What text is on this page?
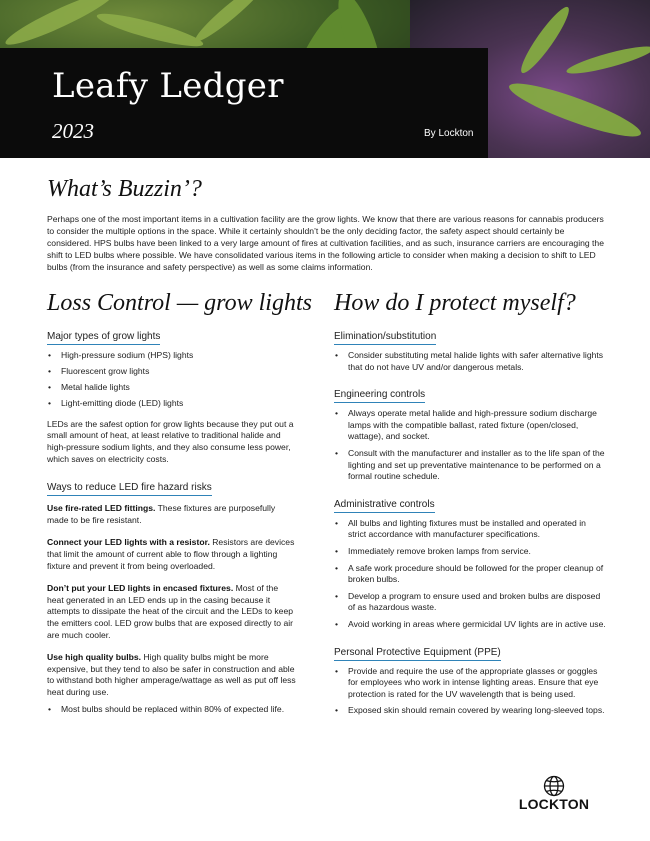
Leafy Ledger
2023	By Lockton
What’s Buzzin’?
Perhaps one of the most important items in a cultivation facility are the grow lights. We know that there are various reasons for cannabis producers to consider the multiple options in the space. While it certainly shouldn’t be the only deciding factor, the safety aspect should certainly be considered. HPS bulbs have been linked to a very large amount of fires at cultivation facilities, and as such, insurance carriers are encouraging the shift to LED bulbs where possible. We have consolidated various items in the following article to consider when making a decision to shift to LED bulbs (from the insurance and safety perspective) as well as some claims information.
Loss Control — grow lights
Major types of grow lights
• High-pressure sodium (HPS) lights
• Fluorescent grow lights
• Metal halide lights
• Light-emitting diode (LED) lights
LEDs are the safest option for grow lights because they put out a small amount of heat, at least relative to traditional halide and high-pressure sodium lights, and they also consume less power, which saves on electricity costs.
Ways to reduce LED fire hazard risks
Use fire-rated LED fittings. These fixtures are purposefully made to be fire resistant.
Connect your LED lights with a resistor. Resistors are devices that limit the amount of current able to flow through a lighting fixture and prevent it from being overloaded.
Don’t put your LED lights in encased fixtures. Most of the heat generated in an LED ends up in the casing because it attempts to dissipate the heat of the circuit and the LEDs to keep the emitters cool. LED grow bulbs that are exposed directly to air are much cooler.
Use high quality bulbs. High quality bulbs might be more expensive, but they tend to also be safer in construction and able to withstand both higher amperage/wattage as well as put off less heat during use.
• Most bulbs should be replaced within 80% of expected life.
How do I protect myself?
Elimination/substitution
• Consider substituting metal halide lights with safer alternative lights that do not have UV and/or dangerous metals.
Engineering controls
• Always operate metal halide and high-pressure sodium discharge lamps with the compatible ballast, rated fixture (open/closed, wattage), and socket.
• Consult with the manufacturer and installer as to the life span of the lighting and set up preventative maintenance to be performed on a formal routine schedule.
Administrative controls
• All bulbs and lighting fixtures must be installed and operated in strict accordance with manufacturer specifications.
• Immediately remove broken lamps from service.
• A safe work procedure should be followed for the proper cleanup of broken bulbs.
• Develop a program to ensure used and broken bulbs are disposed of as hazardous waste.
• Avoid working in areas where germicidal UV lights are in active use.
Personal Protective Equipment (PPE)
• Provide and require the use of the appropriate glasses or goggles for employees who work in intense lighting areas. Ensure that eye protection is rated for the UV wavelength that is being used.
• Exposed skin should remain covered by wearing long-sleeved tops.
LOCKTON
